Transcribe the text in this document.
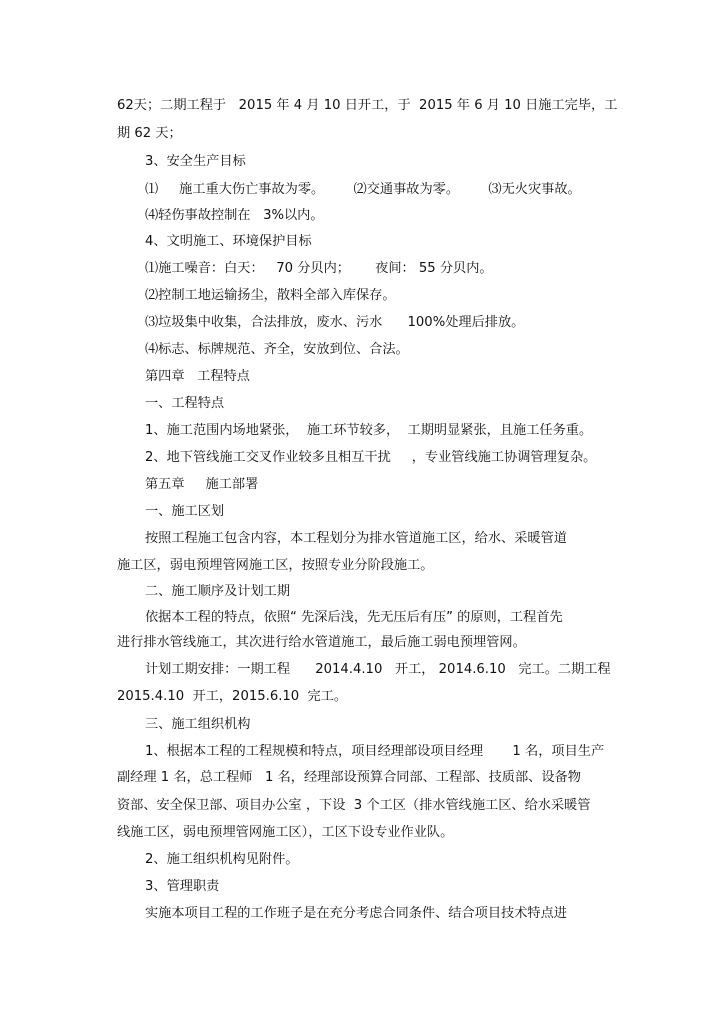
62天；二期工程于   2015 年 4 月 10 日开工，于  2015 年 6 月 10 日施工完毕，工
期 62 天；
3、安全生产目标
⑴     施工重大伤亡事故为零。       ⑵交通事故为零。       ⑶无火灾事故。
⑷轻伤事故控制在   3%以内。
4、文明施工、环境保护目标
⑴施工噪音：白天：   70 分贝内；      夜间： 55 分贝内。
⑵控制工地运输扬尘，散料全部入库保存。
⑶垃圾集中收集，合法排放，废水、污水      100%处理后排放。
⑷标志、标牌规范、齐全，安放到位、合法。
第四章   工程特点
一、工程特点
1、施工范围内场地紧张，  施工环节较多，  工期明显紧张，且施工任务重。
2、地下管线施工交叉作业较多且相互干扰     ，专业管线施工协调管理复杂。
第五章     施工部署
一、施工区划
按照工程施工包含内容，本工程划分为排水管道施工区，给水、采暖管道
施工区，弱电预埋管网施工区，按照专业分阶段施工。
二、施工顺序及计划工期
依据本工程的特点，依照“ 先深后浅，先无压后有压” 的原则，工程首先
进行排水管线施工，其次进行给水管道施工，最后施工弱电预埋管网。
计划工期安排：一期工程      2014.4.10   开工， 2014.6.10   完工。二期工程
2015.4.10  开工，2015.6.10  完工。
三、施工组织机构
1、根据本工程的工程规模和特点，项目经理部设项目经理       1 名，项目生产
副经理 1 名，总工程师   1 名，经理部设预算合同部、工程部、技质部、设备物
资部、安全保卫部、项目办公室 ，下设  3 个工区（排水管线施工区、给水采暖管
线施工区，弱电预埋管网施工区），工区下设专业作业队。
2、施工组织机构见附件。
3、管理职责
实施本项目工程的工作班子是在充分考虑合同条件、结合项目技术特点进
